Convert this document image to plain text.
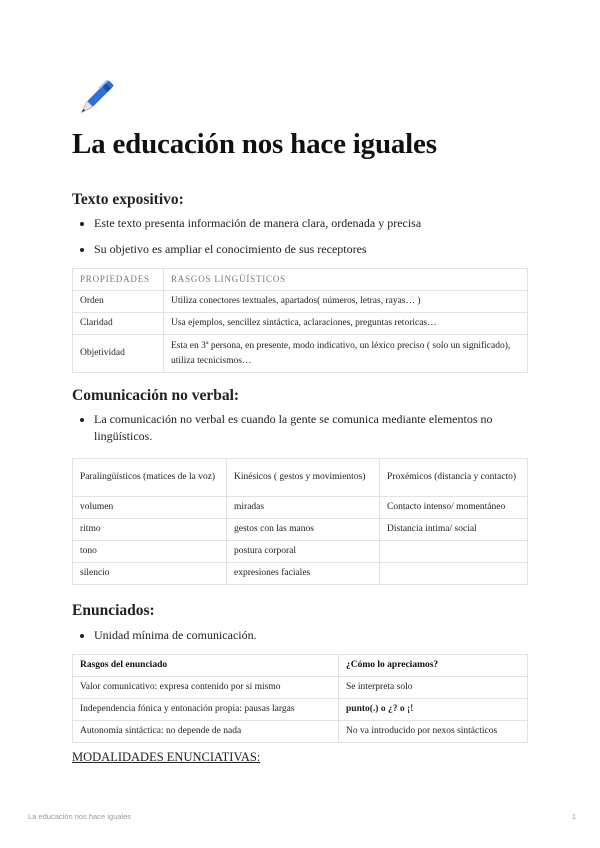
La educación nos hace iguales
Texto expositivo:
Este texto presenta información de manera clara, ordenada y precisa
Su objetivo es ampliar el conocimiento de sus receptores
PROPIEDADES	RASGOS LINGÜÍSTICOS
Orden	Utiliza conectores textuales, apartados( números, letras, rayas… )
Claridad	Usa ejemplos, sencillez sintáctica, aclaraciones, preguntas retoricas…
Objetividad	Esta en 3ª persona, en presente, modo indicativo, un léxico preciso ( solo un significado), utiliza tecnicismos…
Comunicación no verbal:
La comunicación no verbal es cuando la gente se comunica mediante elementos no lingüísticos.
Paralingüísticos (matices de la voz)	Kinésicos ( gestos y movimientos)	Proxémicos (distancia y contacto)
volumen	miradas	Contacto intenso/ momentáneo
ritmo	gestos con las manos	Distancia intima/ social
tono	postura corporal	
silencio	expresiones faciales	
Enunciados:
Unidad mínima de comunicación.
Rasgos del enunciado	¿Cómo lo apreciamos?
Valor comunicativo: expresa contenido por si mismo	Se interpreta solo
Independencia fónica y entonación propia: pausas largas	punto(.) o ¿? o ¡!
Autonomía sintáctica: no depende de nada	No va introducido por nexos sintácticos

MODALIDADES ENUNCIATIVAS:

La educación nos hace iguales	1
